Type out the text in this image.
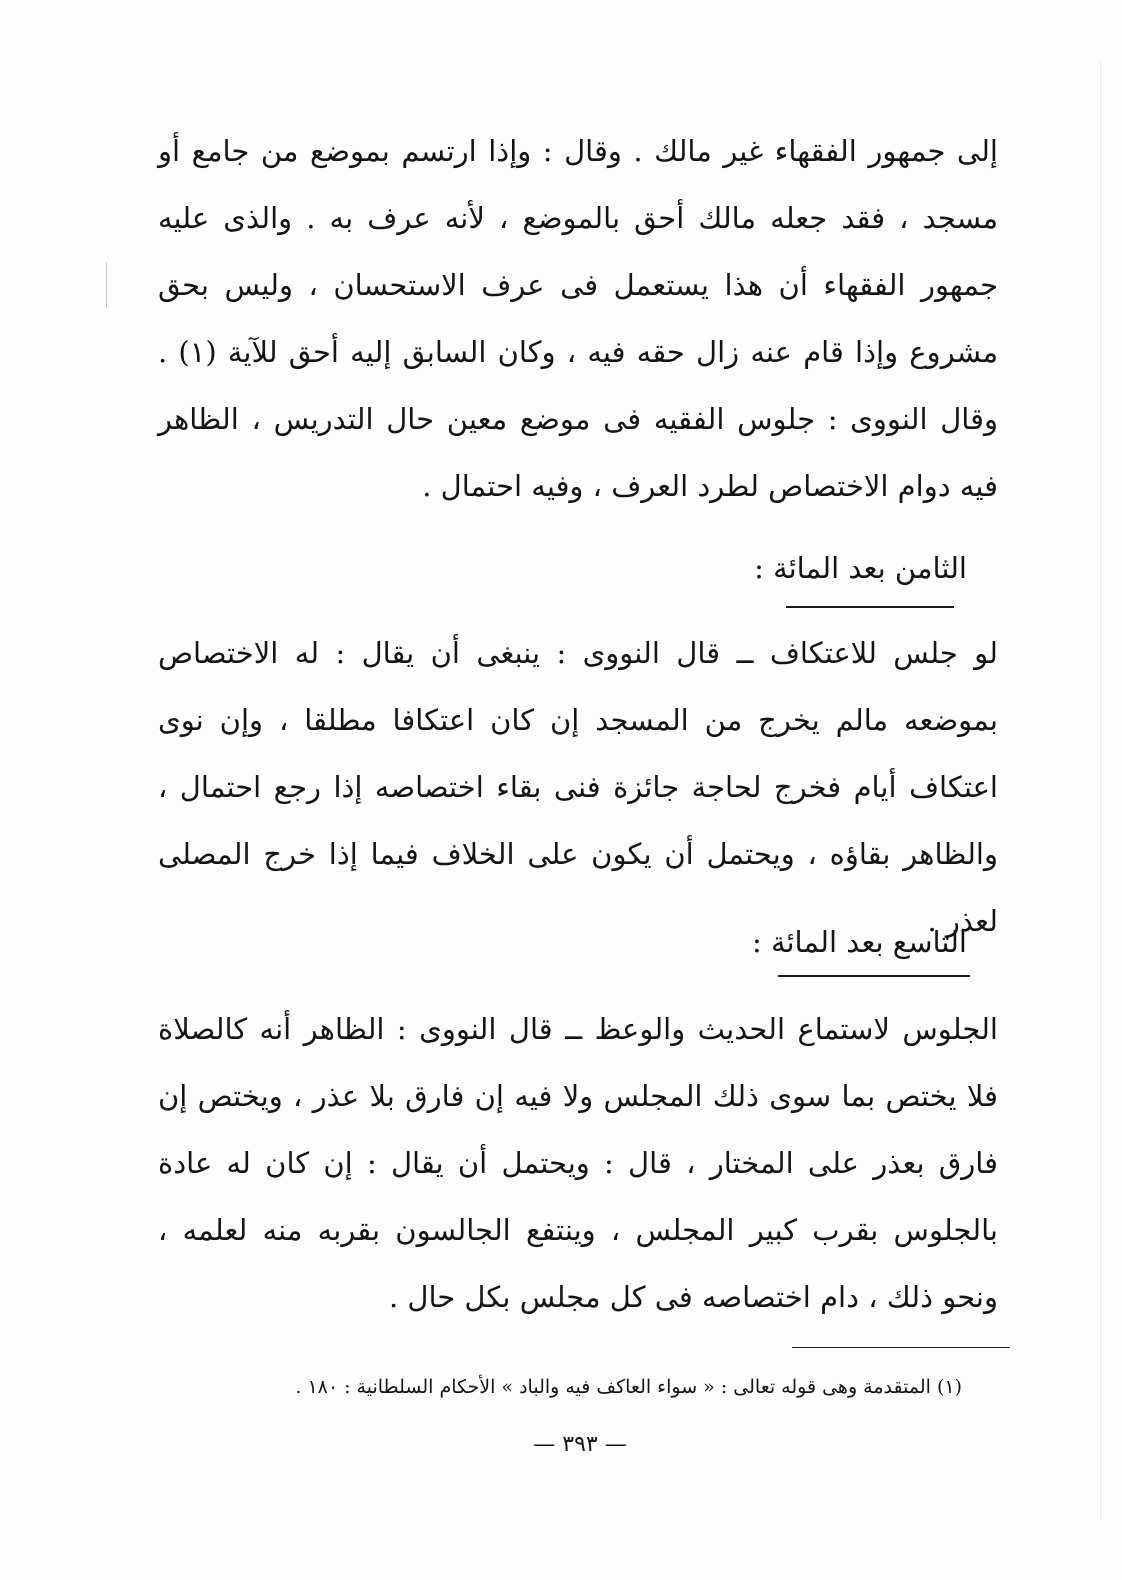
إلى جمهور الفقهاء غير مالك . وقال : وإذا ارتسم بموضع من جامع أو مسجد ، فقد جعله مالك أحق بالموضع ، لأنه عرف به . والذى عليه جمهور الفقهاء أن هذا يستعمل فى عرف الاستحسان ، وليس بحق مشروع وإذا قام عنه زال حقه فيه ، وكان السابق إليه أحق للآية (١) . وقال النووى : جلوس الفقيه فى موضع معين حال التدريس ، الظاهر فيه دوام الاختصاص لطرد العرف ، وفيه احتمال .

الثامن بعد المائة :

لو جلس للاعتكاف ــ قال النووى : ينبغى أن يقال : له الاختصاص بموضعه مالم يخرج من المسجد إن كان اعتكافا مطلقا ، وإن نوى اعتكاف أيام فخرج لحاجة جائزة فنى بقاء اختصاصه إذا رجع احتمال ، والظاهر بقاؤه ، ويحتمل أن يكون على الخلاف فيما إذا خرج المصلى لعذر .

التاسع بعد المائة :

الجلوس لاستماع الحديث والوعظ ــ قال النووى : الظاهر أنه كالصلاة فلا يختص بما سوى ذلك المجلس ولا فيه إن فارق بلا عذر ، ويختص إن فارق بعذر على المختار ، قال : ويحتمل أن يقال : إن كان له عادة بالجلوس بقرب كبير المجلس ، وينتفع الجالسون بقربه منه لعلمه ، ونحو ذلك ، دام اختصاصه فى كل مجلس بكل حال .

(١) المتقدمة وهى قوله تعالى : « سواء العاكف فيه والباد » الأحكام السلطانية : ١٨٠ .
— ٣٩٣ —
